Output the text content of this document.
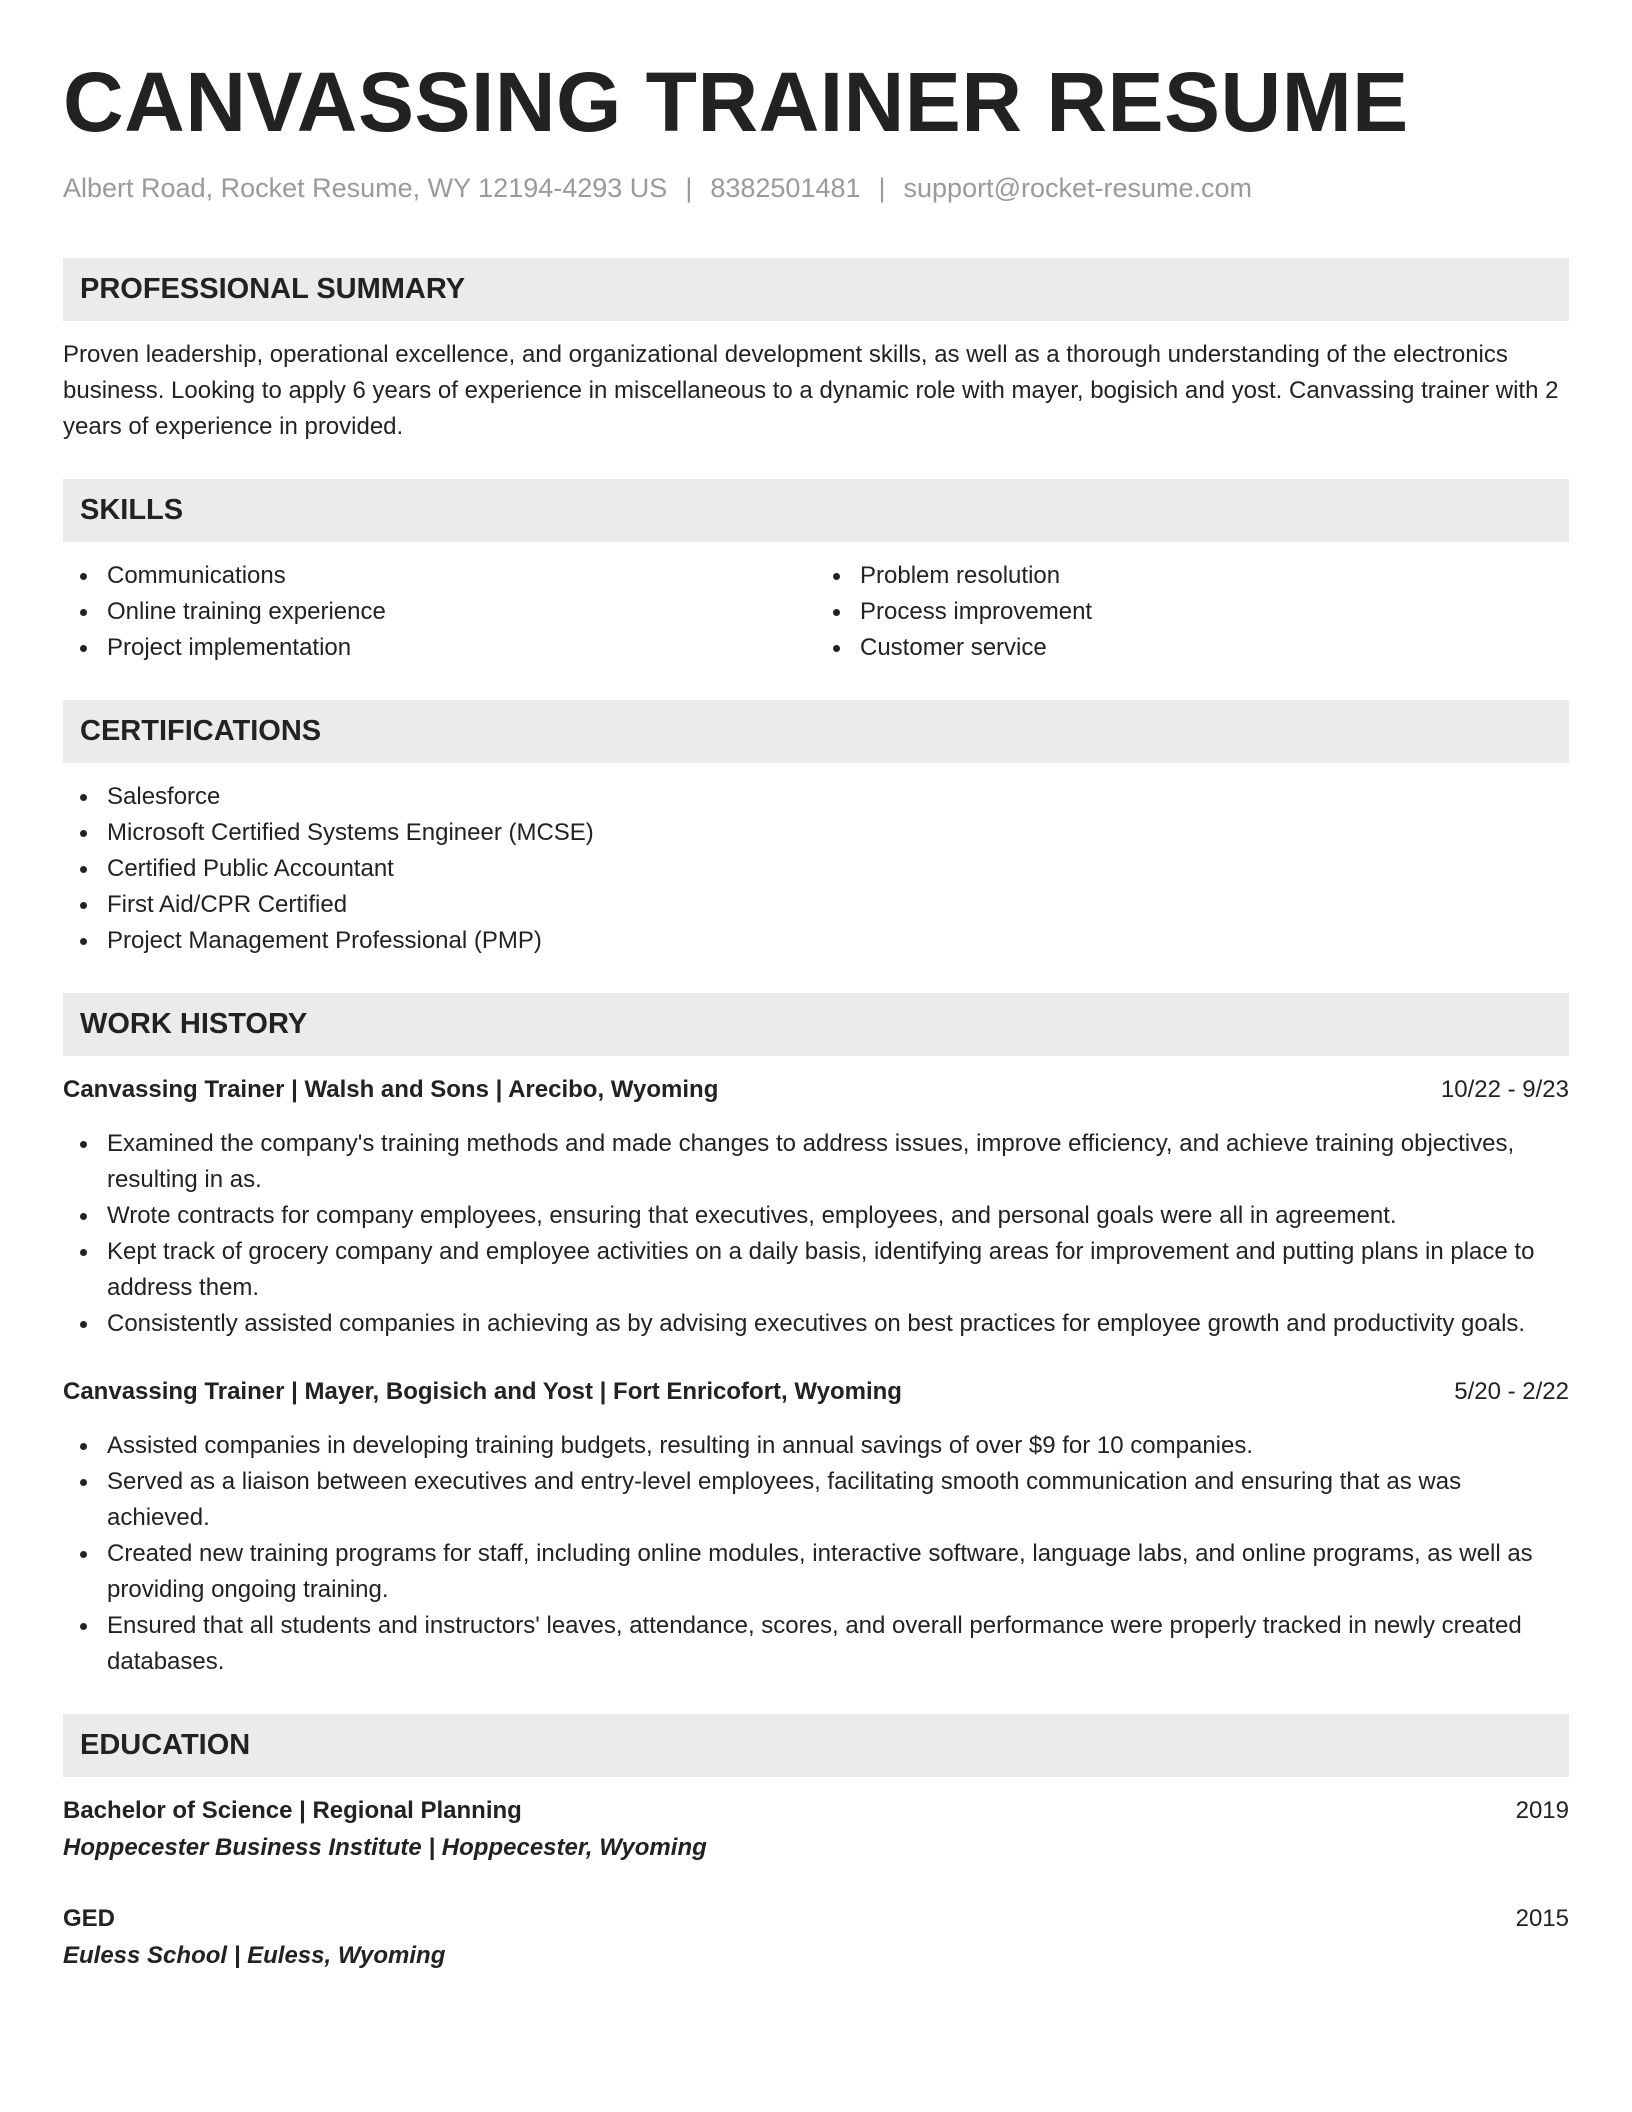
CANVASSING TRAINER RESUME
Albert Road, Rocket Resume, WY 12194-4293 US | 8382501481 | support@rocket-resume.com
PROFESSIONAL SUMMARY
Proven leadership, operational excellence, and organizational development skills, as well as a thorough understanding of the electronics business. Looking to apply 6 years of experience in miscellaneous to a dynamic role with mayer, bogisich and yost. Canvassing trainer with 2 years of experience in provided.
SKILLS
Communications
Online training experience
Project implementation
Problem resolution
Process improvement
Customer service
CERTIFICATIONS
Salesforce
Microsoft Certified Systems Engineer (MCSE)
Certified Public Accountant
First Aid/CPR Certified
Project Management Professional (PMP)
WORK HISTORY
Canvassing Trainer | Walsh and Sons | Arecibo, Wyoming	10/22 - 9/23
Examined the company's training methods and made changes to address issues, improve efficiency, and achieve training objectives, resulting in as.
Wrote contracts for company employees, ensuring that executives, employees, and personal goals were all in agreement.
Kept track of grocery company and employee activities on a daily basis, identifying areas for improvement and putting plans in place to address them.
Consistently assisted companies in achieving as by advising executives on best practices for employee growth and productivity goals.
Canvassing Trainer | Mayer, Bogisich and Yost | Fort Enricofort, Wyoming	5/20 - 2/22
Assisted companies in developing training budgets, resulting in annual savings of over $9 for 10 companies.
Served as a liaison between executives and entry-level employees, facilitating smooth communication and ensuring that as was achieved.
Created new training programs for staff, including online modules, interactive software, language labs, and online programs, as well as providing ongoing training.
Ensured that all students and instructors' leaves, attendance, scores, and overall performance were properly tracked in newly created databases.
EDUCATION
Bachelor of Science | Regional Planning	2019
Hoppecester Business Institute | Hoppecester, Wyoming
GED	2015
Euless School | Euless, Wyoming
